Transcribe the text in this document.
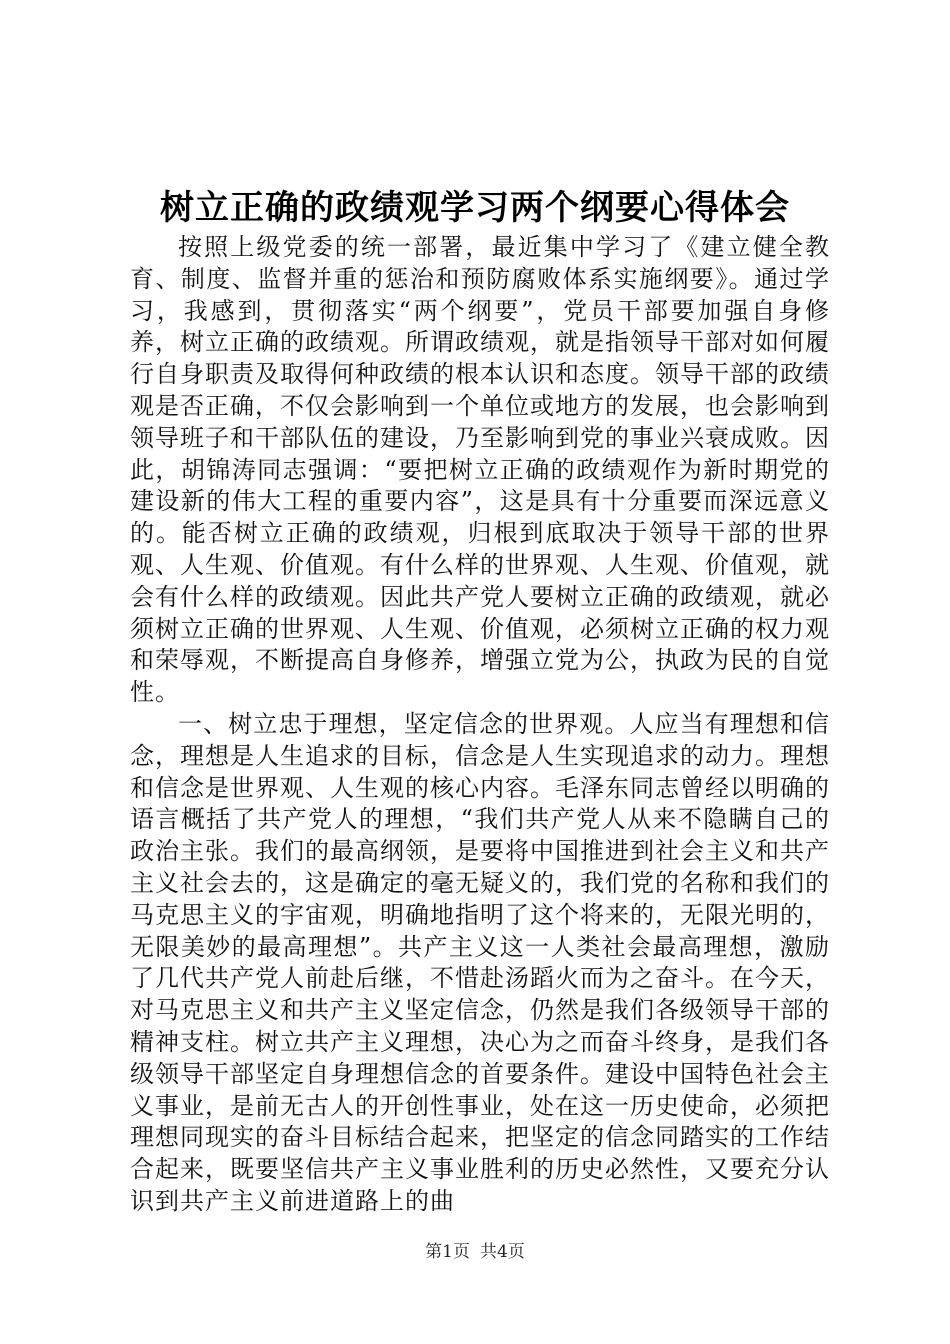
树立正确的政绩观学习两个纲要心得体会

按照上级党委的统一部署，最近集中学习了《建立健全教育、制度、监督并重的惩治和预防腐败体系实施纲要》。通过学习，我感到，贯彻落实“两个纲要”，党员干部要加强自身修养，树立正确的政绩观。所谓政绩观，就是指领导干部对如何履行自身职责及取得何种政绩的根本认识和态度。领导干部的政绩观是否正确，不仅会影响到一个单位或地方的发展，也会影响到领导班子和干部队伍的建设，乃至影响到党的事业兴衰成败。因此，胡锦涛同志强调：“要把树立正确的政绩观作为新时期党的建设新的伟大工程的重要内容”，这是具有十分重要而深远意义的。能否树立正确的政绩观，归根到底取决于领导干部的世界观、人生观、价值观。有什么样的世界观、人生观、价值观，就会有什么样的政绩观。因此共产党人要树立正确的政绩观，就必须树立正确的世界观、人生观、价值观，必须树立正确的权力观和荣辱观，不断提高自身修养，增强立党为公，执政为民的自觉性。

一、树立忠于理想，坚定信念的世界观。人应当有理想和信念，理想是人生追求的目标，信念是人生实现追求的动力。理想和信念是世界观、人生观的核心内容。毛泽东同志曾经以明确的语言概括了共产党人的理想，“我们共产党人从来不隐瞒自己的政治主张。我们的最高纲领，是要将中国推进到社会主义和共产主义社会去的，这是确定的毫无疑义的，我们党的名称和我们的马克思主义的宇宙观，明确地指明了这个将来的，无限光明的，无限美妙的最高理想”。共产主义这一人类社会最高理想，激励了几代共产党人前赴后继，不惜赴汤蹈火而为之奋斗。在今天，对马克思主义和共产主义坚定信念，仍然是我们各级领导干部的精神支柱。树立共产主义理想，决心为之而奋斗终身，是我们各级领导干部坚定自身理想信念的首要条件。建设中国特色社会主义事业，是前无古人的开创性事业，处在这一历史使命，必须把理想同现实的奋斗目标结合起来，把坚定的信念同踏实的工作结合起来，既要坚信共产主义事业胜利的历史必然性，又要充分认识到共产主义前进道路上的曲

第1页 共4页
